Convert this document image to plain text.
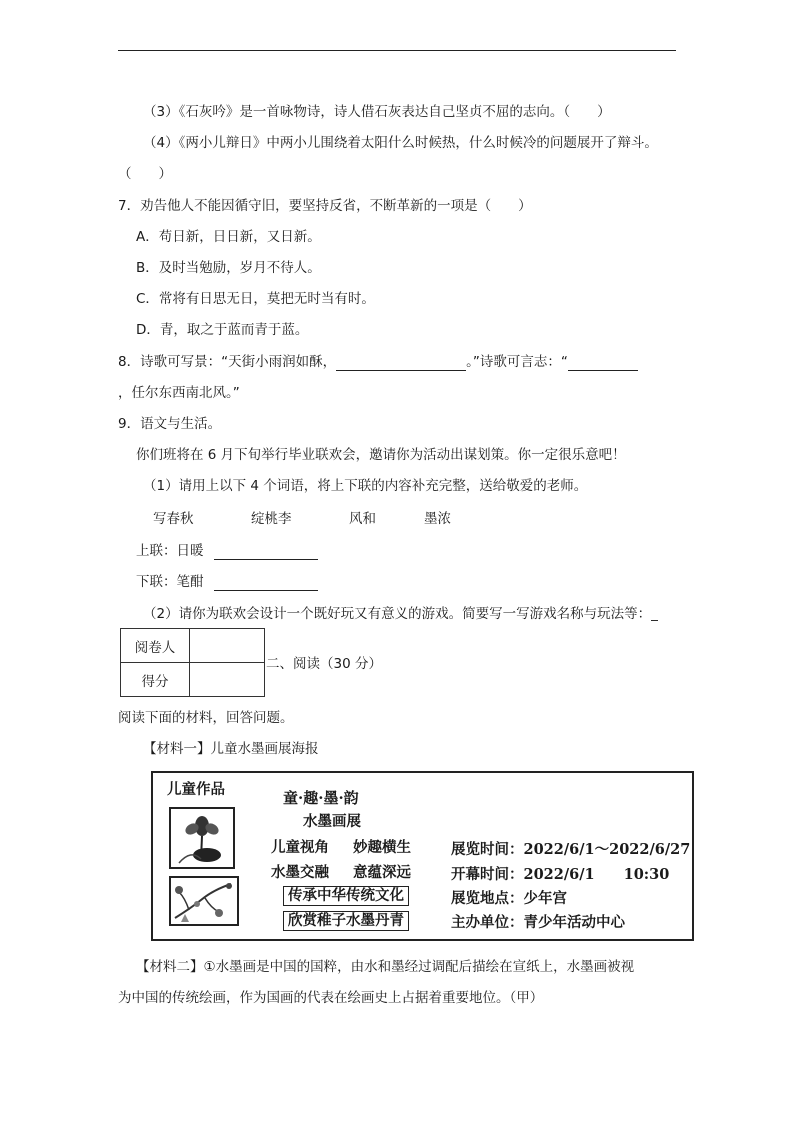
（3）《石灰吟》是一首咏物诗，诗人借石灰表达自己坚贞不屈的志向。（　　）
（4）《两小儿辩日》中两小儿围绕着太阳什么时候热，什么时候冷的问题展开了辩斗。
（　　）
7．劝告他人不能因循守旧，要坚持反省，不断革新的一项是（　　）
A．苟日新，日日新，又日新。
B．及时当勉励，岁月不待人。
C．常将有日思无日，莫把无时当有时。
D．青，取之于蓝而青于蓝。
8．诗歌可写景：“天街小雨润如酥，	。”诗歌可言志：“
，任尔东西南北风。”
9．语文与生活。
你们班将在 6 月下旬举行毕业联欢会，邀请你为活动出谋划策。你一定很乐意吧！
（1）请用上以下 4 个词语，将上下联的内容补充完整，送给敬爱的老师。
写春秋	绽桃李	风和	墨浓
上联：日暖
下联：笔酣
（2）请你为联欢会设计一个既好玩又有意义的游戏。简要写一写游戏名称与玩法等：_
阅卷人	
得分	
二、阅读（30 分）
阅读下面的材料，回答问题。
【材料一】儿童水墨画展海报
儿童作品	童·趣·墨·韵
水墨画展
儿童视角 妙趣横生
水墨交融 意蕴深远
传承中华传统文化
欣赏稚子水墨丹青
展览时间：2022/6/1～2022/6/27
开幕时间：2022/6/1　　10:30
展览地点：少年宫
主办单位：青少年活动中心
【材料二】①水墨画是中国的国粹，由水和墨经过调配后描绘在宣纸上，水墨画被视
为中国的传统绘画，作为国画的代表在绘画史上占据着重要地位。（甲）
